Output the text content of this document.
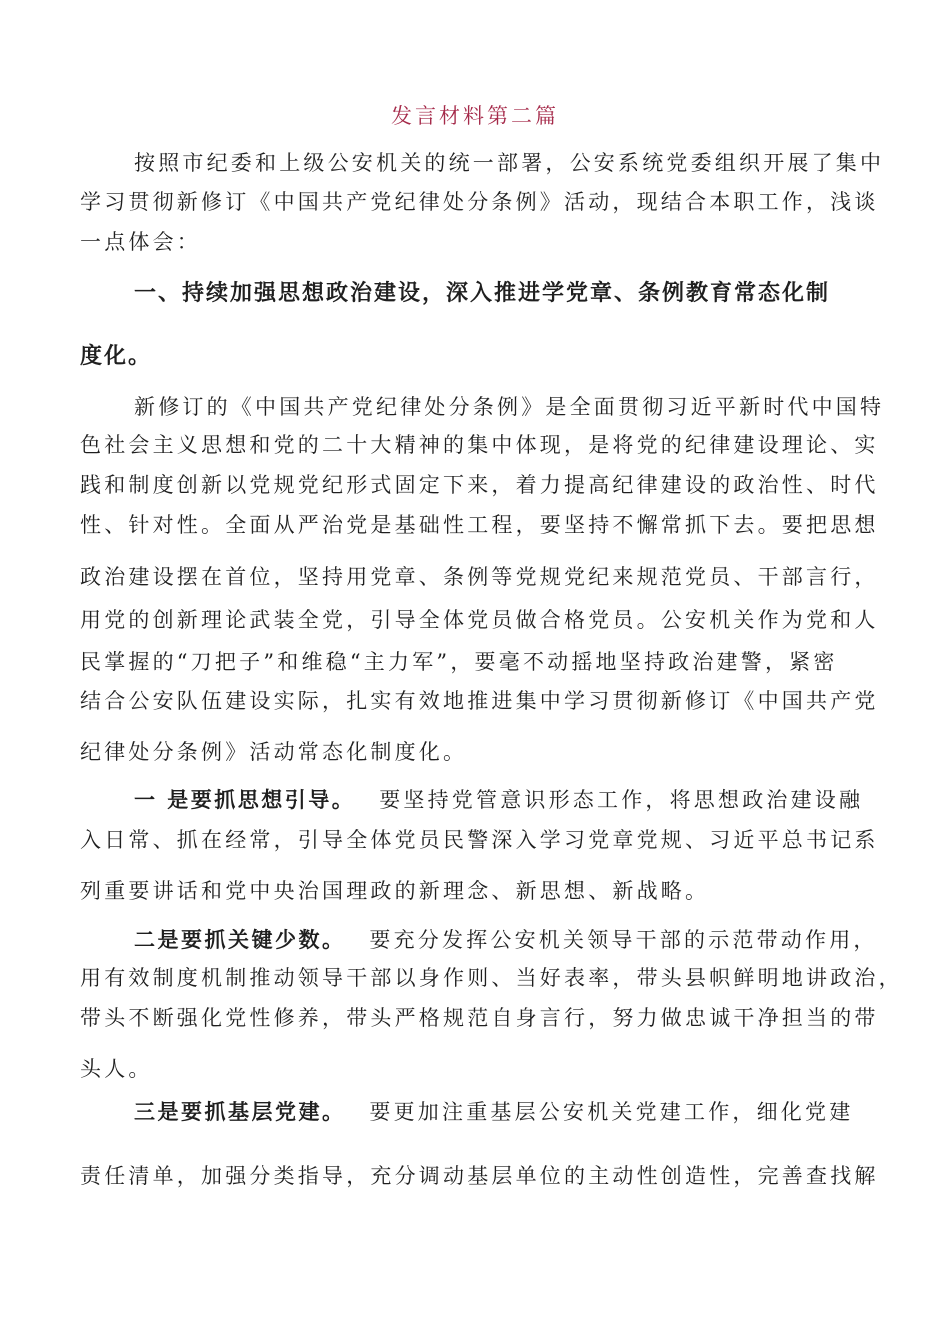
发言材料第二篇
按照市纪委和上级公安机关的统一部署，公安系统党委组织开展了集中
学习贯彻新修订《中国共产党纪律处分条例》活动，现结合本职工作，浅谈
一点体会：
一、持续加强思想政治建设，深入推进学党章、条例教育常态化制
度化。
新修订的《中国共产党纪律处分条例》是全面贯彻习近平新时代中国特
色社会主义思想和党的二十大精神的集中体现，是将党的纪律建设理论、实
践和制度创新以党规党纪形式固定下来，着力提高纪律建设的政治性、时代
性、针对性。全面从严治党是基础性工程，要坚持不懈常抓下去。要把思想
政治建设摆在首位，坚持用党章、条例等党规党纪来规范党员、干部言行，
用党的创新理论武装全党，引导全体党员做合格党员。公安机关作为党和人
民掌握的“刀把子”和维稳“主力军”，要毫不动摇地坚持政治建警，紧密
结合公安队伍建设实际，扎实有效地推进集中学习贯彻新修订《中国共产党
纪律处分条例》活动常态化制度化。
一 是要抓思想引导。 要坚持党管意识形态工作，将思想政治建设融
入日常、抓在经常，引导全体党员民警深入学习党章党规、习近平总书记系
列重要讲话和党中央治国理政的新理念、新思想、新战略。
二是要抓关键少数。 要充分发挥公安机关领导干部的示范带动作用，
用有效制度机制推动领导干部以身作则、当好表率，带头县帜鲜明地讲政治，
带头不断强化党性修养，带头严格规范自身言行，努力做忠诚干净担当的带
头人。
三是要抓基层党建。 要更加注重基层公安机关党建工作，细化党建
责任清单，加强分类指导，充分调动基层单位的主动性创造性，完善查找解
